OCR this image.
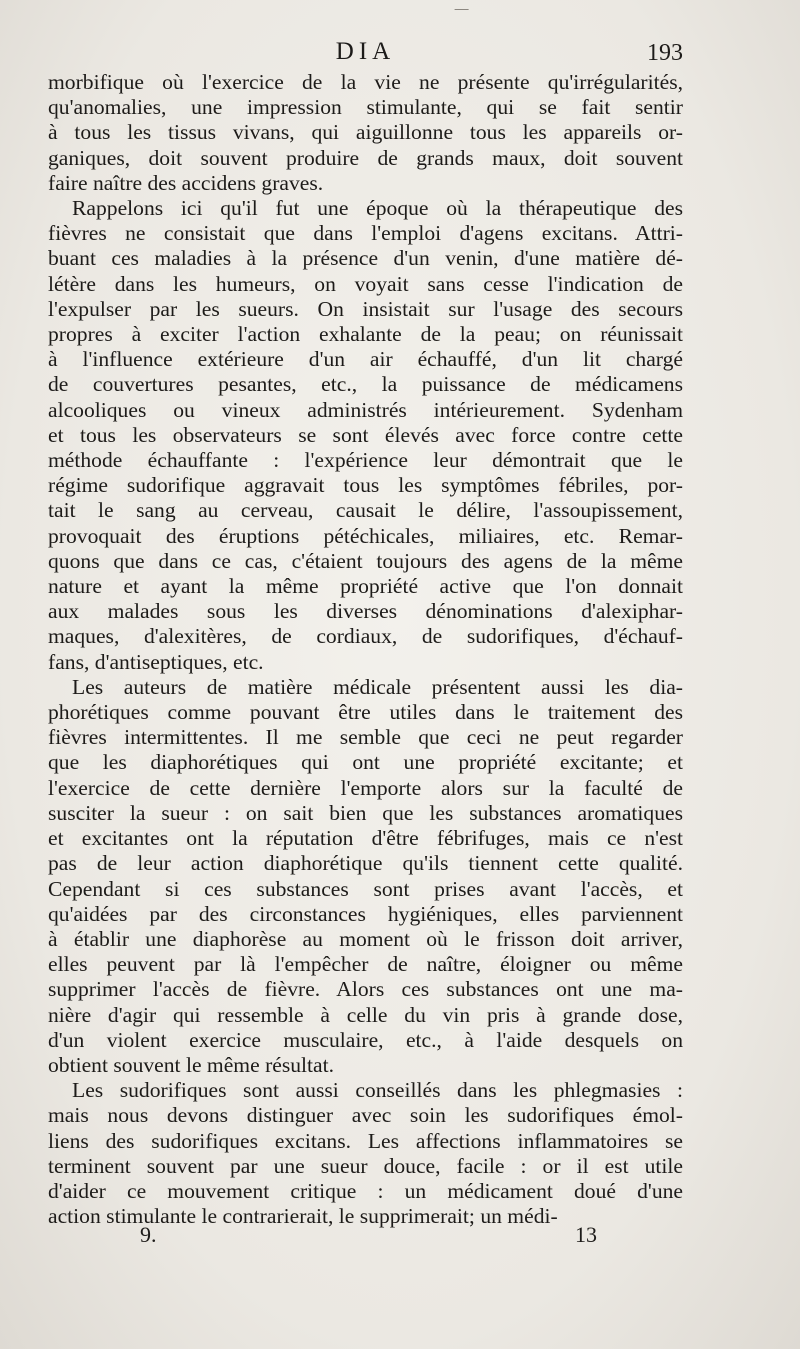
DIA	193
morbifique où l'exercice de la vie ne présente qu'irrégularités,
qu'anomalies, une impression stimulante, qui se fait sentir
à tous les tissus vivans, qui aiguillonne tous les appareils or-
ganiques, doit souvent produire de grands maux, doit souvent
faire naître des accidens graves.
Rappelons ici qu'il fut une époque où la thérapeutique des
fièvres ne consistait que dans l'emploi d'agens excitans. Attri-
buant ces maladies à la présence d'un venin, d'une matière dé-
létère dans les humeurs, on voyait sans cesse l'indication de
l'expulser par les sueurs. On insistait sur l'usage des secours
propres à exciter l'action exhalante de la peau; on réunissait
à l'influence extérieure d'un air échauffé, d'un lit chargé
de couvertures pesantes, etc., la puissance de médicamens
alcooliques ou vineux administrés intérieurement. Sydenham
et tous les observateurs se sont élevés avec force contre cette
méthode échauffante : l'expérience leur démontrait que le
régime sudorifique aggravait tous les symptômes fébriles, por-
tait le sang au cerveau, causait le délire, l'assoupissement,
provoquait des éruptions pétéchicales, miliaires, etc. Remar-
quons que dans ce cas, c'étaient toujours des agens de la même
nature et ayant la même propriété active que l'on donnait
aux malades sous les diverses dénominations d'alexiphar-
maques, d'alexitères, de cordiaux, de sudorifiques, d'échauf-
fans, d'antiseptiques, etc.
Les auteurs de matière médicale présentent aussi les dia-
phorétiques comme pouvant être utiles dans le traitement des
fièvres intermittentes. Il me semble que ceci ne peut regarder
que les diaphorétiques qui ont une propriété excitante; et
l'exercice de cette dernière l'emporte alors sur la faculté de
susciter la sueur : on sait bien que les substances aromatiques
et excitantes ont la réputation d'être fébrifuges, mais ce n'est
pas de leur action diaphorétique qu'ils tiennent cette qualité.
Cependant si ces substances sont prises avant l'accès, et
qu'aidées par des circonstances hygiéniques, elles parviennent
à établir une diaphorèse au moment où le frisson doit arriver,
elles peuvent par là l'empêcher de naître, éloigner ou même
supprimer l'accès de fièvre. Alors ces substances ont une ma-
nière d'agir qui ressemble à celle du vin pris à grande dose,
d'un violent exercice musculaire, etc., à l'aide desquels on
obtient souvent le même résultat.
Les sudorifiques sont aussi conseillés dans les phlegmasies :
mais nous devons distinguer avec soin les sudorifiques émol-
liens des sudorifiques excitans. Les affections inflammatoires se
terminent souvent par une sueur douce, facile : or il est utile
d'aider ce mouvement critique : un médicament doué d'une
action stimulante le contrarierait, le supprimerait; un médi-
9.	13
